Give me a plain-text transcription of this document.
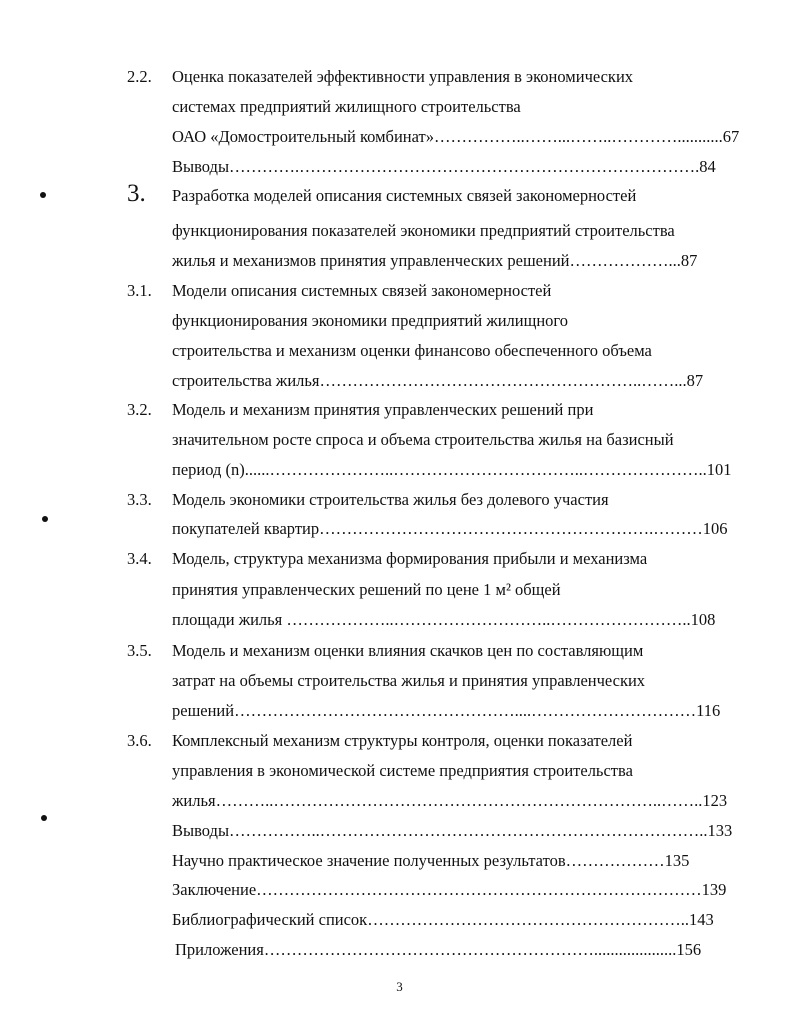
2.2. Оценка показателей эффективности управления в экономических
системах предприятий жилищного строительства
ОАО «Домостроительный комбинат»……………..……...……..…………...........67
Выводы………….……………………………………………………………….84
3. Разработка моделей описания системных связей закономерностей
функционирования показателей экономики предприятий строительства
жилья и механизмов принятия управленческих решений………………...87
3.1. Модели описания системных связей закономерностей
функционирования экономики предприятий жилищного
строительства и механизм оценки финансово обеспеченного объема
строительства жилья…………………………………………………..……...87
3.2. Модель и механизм принятия управленческих решений при
значительном росте спроса и объема строительства жилья на базисный
период (n)......…………………..……………………………..…………………..101
3.3. Модель экономики строительства жилья без долевого участия
покупателей квартир…………………………………………………….………106
3.4. Модель, структура механизма формирования прибыли и механизма
принятия управленческих решений по цене 1 м² общей
площади жилья ………………..………………………..……………………..108
3.5. Модель и механизм оценки влияния скачков цен по составляющим
затрат на объемы строительства жилья и принятия управленческих
решений……………………………………………....…………………………116
3.6. Комплексный механизм структуры контроля, оценки показателей
управления в экономической системе предприятия строительства
жилья………..……………………………………………………………..……..123
Выводы……………..……………………………………………………………..133
Научно практическое значение полученных результатов………………135
Заключение………………………………………………………………………139
Библиографический список…………………………………………………..143
Приложения……………………………………………………....................156
3
